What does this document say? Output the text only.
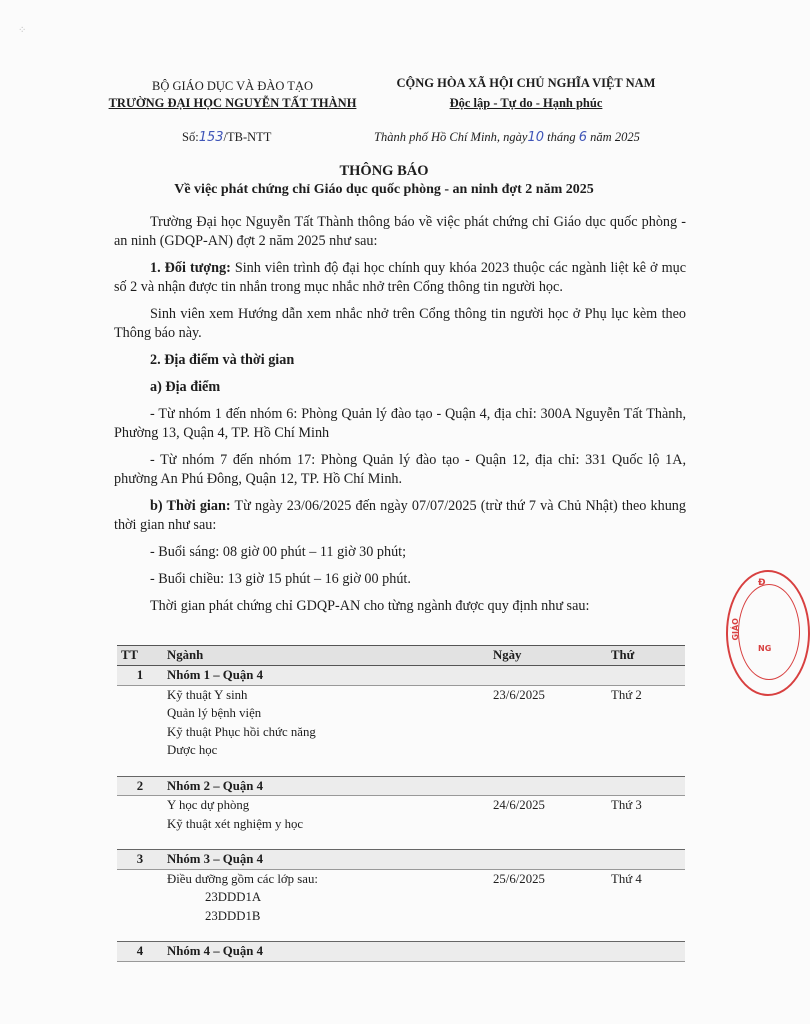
⁘
BỘ GIÁO DỤC VÀ ĐÀO TẠO
TRƯỜNG ĐẠI HỌC NGUYỄN TẤT THÀNH
CỘNG HÒA XÃ HỘI CHỦ NGHĨA VIỆT NAM
Độc lập - Tự do - Hạnh phúc
Số:153/TB-NTT	Thành phố Hồ Chí Minh, ngày10 tháng 6 năm 2025
THÔNG BÁO
Về việc phát chứng chỉ Giáo dục quốc phòng - an ninh đợt 2 năm 2025

Trường Đại học Nguyễn Tất Thành thông báo về việc phát chứng chỉ Giáo dục quốc phòng - an ninh (GDQP-AN) đợt 2 năm 2025 như sau:

1. Đối tượng: Sinh viên trình độ đại học chính quy khóa 2023 thuộc các ngành liệt kê ở mục số 2 và nhận được tin nhắn trong mục nhắc nhở trên Cổng thông tin người học.

Sinh viên xem Hướng dẫn xem nhắc nhở trên Cổng thông tin người học ở Phụ lục kèm theo Thông báo này.

2. Địa điểm và thời gian

a) Địa điểm

- Từ nhóm 1 đến nhóm 6: Phòng Quản lý đào tạo - Quận 4, địa chỉ: 300A Nguyễn Tất Thành, Phường 13, Quận 4, TP. Hồ Chí Minh

- Từ nhóm 7 đến nhóm 17: Phòng Quản lý đào tạo - Quận 12, địa chỉ: 331 Quốc lộ 1A, phường An Phú Đông, Quận 12, TP. Hồ Chí Minh.

b) Thời gian: Từ ngày 23/06/2025 đến ngày 07/07/2025 (trừ thứ 7 và Chủ Nhật) theo khung thời gian như sau:

- Buổi sáng: 08 giờ 00 phút – 11 giờ 30 phút;

- Buổi chiều: 13 giờ 15 phút – 16 giờ 00 phút.

Thời gian phát chứng chỉ GDQP-AN cho từng ngành được quy định như sau:

TT	Ngành	Ngày	Thứ
1	Nhóm 1 – Quận 4		

	Kỹ thuật Y sinh
Quản lý bệnh viện
Kỹ thuật Phục hồi chức năng
Dược học	23/6/2025	Thứ 2

2	Nhóm 2 – Quận 4		

	Y học dự phòng
Kỹ thuật xét nghiệm y học	24/6/2025	Thứ 3

3	Nhóm 3 – Quận 4		

	Điều dưỡng gồm các lớp sau:
23DDD1A
23DDD1B	25/6/2025	Thứ 4

4	Nhóm 4 – Quận 4		
Đ
GIÁO
NG
